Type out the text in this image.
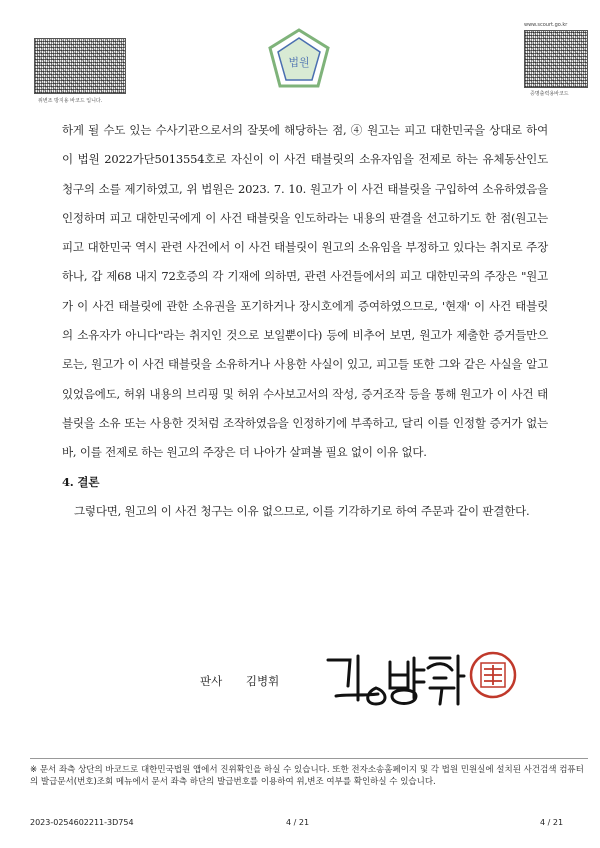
위변조 방지용 바코드 입니다.
법원
www.scourt.go.kr
증명출력용바코드

하게 될 수도 있는 수사기관으로서의 잘못에 해당하는 점, ④ 원고는 피고 대한민국을 상대로 하여 이 법원 2022가단5013554호로 자신이 이 사건 태블릿의 소유자임을 전제로 하는 유체동산인도 청구의 소를 제기하였고, 위 법원은 2023. 7. 10. 원고가 이 사건 태블릿을 구입하여 소유하였음을 인정하며 피고 대한민국에게 이 사건 태블릿을 인도하라는 내용의 판결을 선고하기도 한 점(원고는 피고 대한민국 역시 관련 사건에서 이 사건 태블릿이 원고의 소유임을 부정하고 있다는 취지로 주장하나, 갑 제68 내지 72호증의 각 기재에 의하면, 관련 사건들에서의 피고 대한민국의 주장은 "원고가 이 사건 태블릿에 관한 소유권을 포기하거나 장시호에게 증여하였으므로, '현재' 이 사건 태블릿의 소유자가 아니다"라는 취지인 것으로 보일뿐이다) 등에 비추어 보면, 원고가 제출한 증거들만으로는, 원고가 이 사건 태블릿을 소유하거나 사용한 사실이 있고, 피고들 또한 그와 같은 사실을 알고 있었음에도, 허위 내용의 브리핑 및 허위 수사보고서의 작성, 증거조작 등을 통해 원고가 이 사건 태블릿을 소유 또는 사용한 것처럼 조작하였음을 인정하기에 부족하고, 달리 이를 인정할 증거가 없는바, 이를 전제로 하는 원고의 주장은 더 나아가 살펴볼 필요 없이 이유 없다.

4. 결론

그렇다면, 원고의 이 사건 청구는 이유 없으므로, 이를 기각하기로 하여 주문과 같이 판결한다.

판사 김병휘
※ 문서 좌측 상단의 바코드로 대한민국법원 앱에서 진위확인을 하실 수 있습니다. 또한 전자소송홈페이지 및 각 법원 민원실에 설치된 사건검색 컴퓨터의 발급문서(번호)조회 메뉴에서 문서 좌측 하단의 발급번호를 이용하여 위,변조 여부를 확인하실 수 있습니다.
2023-0254602211-3D754	4 / 21	4 / 21
